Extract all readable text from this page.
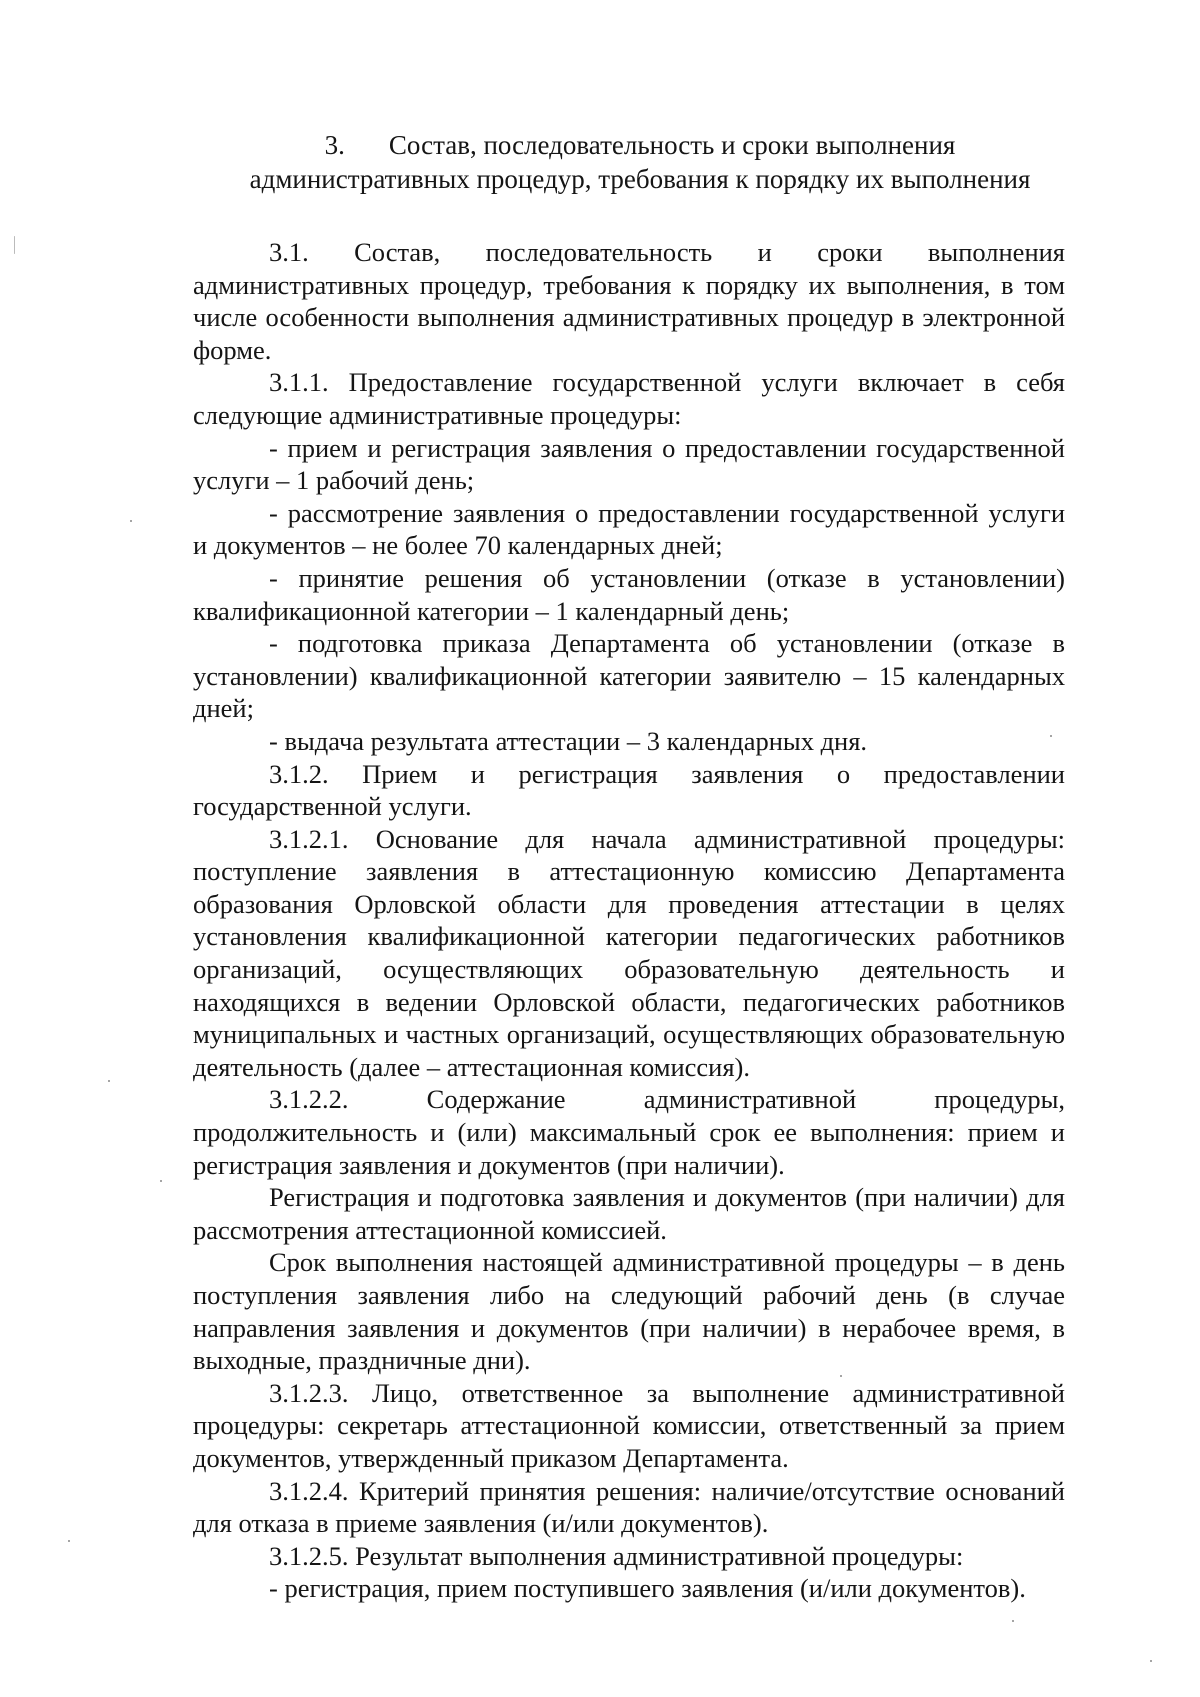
3. Состав, последовательность и сроки выполнения
административных процедур, требования к порядку их выполнения

3.1. Состав, последовательность и сроки выполнения административных процедур, требования к порядку их выполнения, в том числе особенности выполнения административных процедур в электронной форме.

3.1.1. Предоставление государственной услуги включает в себя следующие административные процедуры:

- прием и регистрация заявления о предоставлении государственной услуги – 1 рабочий день;

- рассмотрение заявления о предоставлении государственной услуги и документов – не более 70 календарных дней;

- принятие решения об установлении (отказе в установлении) квалификационной категории – 1 календарный день;

- подготовка приказа Департамента об установлении (отказе в установлении) квалификационной категории заявителю – 15 календарных дней;

- выдача результата аттестации – 3 календарных дня.

3.1.2. Прием и регистрация заявления о предоставлении государственной услуги.

3.1.2.1. Основание для начала административной процедуры: поступление заявления в аттестационную комиссию Департамента образования Орловской области для проведения аттестации в целях установления квалификационной категории педагогических работников организаций, осуществляющих образовательную деятельность и находящихся в ведении Орловской области, педагогических работников муниципальных и частных организаций, осуществляющих образовательную деятельность (далее – аттестационная комиссия).

3.1.2.2. Содержание административной процедуры, продолжительность и (или) максимальный срок ее выполнения: прием и регистрация заявления и документов (при наличии).

Регистрация и подготовка заявления и документов (при наличии) для рассмотрения аттестационной комиссией.

Срок выполнения настоящей административной процедуры – в день поступления заявления либо на следующий рабочий день (в случае направления заявления и документов (при наличии) в нерабочее время, в выходные, праздничные дни).

3.1.2.3. Лицо, ответственное за выполнение административной процедуры: секретарь аттестационной комиссии, ответственный за прием документов, утвержденный приказом Департамента.

3.1.2.4. Критерий принятия решения: наличие/отсутствие оснований для отказа в приеме заявления (и/или документов).

3.1.2.5. Результат выполнения административной процедуры:

- регистрация, прием поступившего заявления (и/или документов).
